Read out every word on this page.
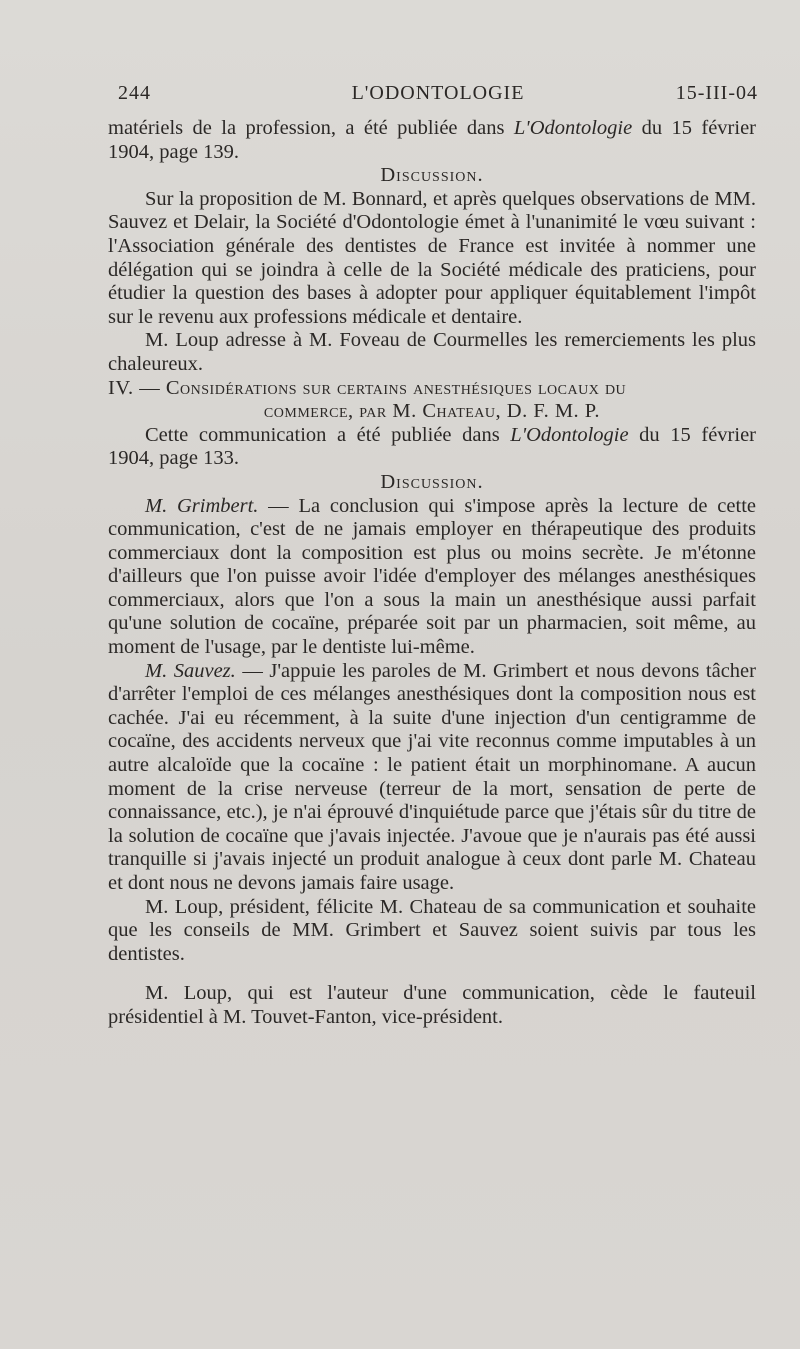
244	L'ODONTOLOGIE	15-III-04

matériels de la profession, a été publiée dans L'Odontologie du 15 février 1904, page 139.

Discussion.

Sur la proposition de M. Bonnard, et après quelques observations de MM. Sauvez et Delair, la Société d'Odontologie émet à l'unanimité le vœu suivant : l'Association générale des dentistes de France est invitée à nommer une délégation qui se joindra à celle de la Société médicale des praticiens, pour étudier la question des bases à adopter pour appliquer équitablement l'impôt sur le revenu aux professions médicale et dentaire.

M. Loup adresse à M. Foveau de Courmelles les remerciements les plus chaleureux.

IV. — Considérations sur certains anesthésiques locaux du

commerce, par M. Chateau, D. F. M. P.

Cette communication a été publiée dans L'Odontologie du 15 février 1904, page 133.

Discussion.

M. Grimbert. — La conclusion qui s'impose après la lecture de cette communication, c'est de ne jamais employer en thérapeutique des produits commerciaux dont la composition est plus ou moins secrète. Je m'étonne d'ailleurs que l'on puisse avoir l'idée d'employer des mélanges anesthésiques commerciaux, alors que l'on a sous la main un anesthésique aussi parfait qu'une solution de cocaïne, préparée soit par un pharmacien, soit même, au moment de l'usage, par le dentiste lui-même.

M. Sauvez. — J'appuie les paroles de M. Grimbert et nous devons tâcher d'arrêter l'emploi de ces mélanges anesthésiques dont la composition nous est cachée. J'ai eu récemment, à la suite d'une injection d'un centigramme de cocaïne, des accidents nerveux que j'ai vite reconnus comme imputables à un autre alcaloïde que la cocaïne : le patient était un morphinomane. A aucun moment de la crise nerveuse (terreur de la mort, sensation de perte de connaissance, etc.), je n'ai éprouvé d'inquiétude parce que j'étais sûr du titre de la solution de cocaïne que j'avais injectée. J'avoue que je n'aurais pas été aussi tranquille si j'avais injecté un produit analogue à ceux dont parle M. Chateau et dont nous ne devons jamais faire usage.

M. Loup, président, félicite M. Chateau de sa communication et souhaite que les conseils de MM. Grimbert et Sauvez soient suivis par tous les dentistes.

M. Loup, qui est l'auteur d'une communication, cède le fauteuil présidentiel à M. Touvet-Fanton, vice-président.
